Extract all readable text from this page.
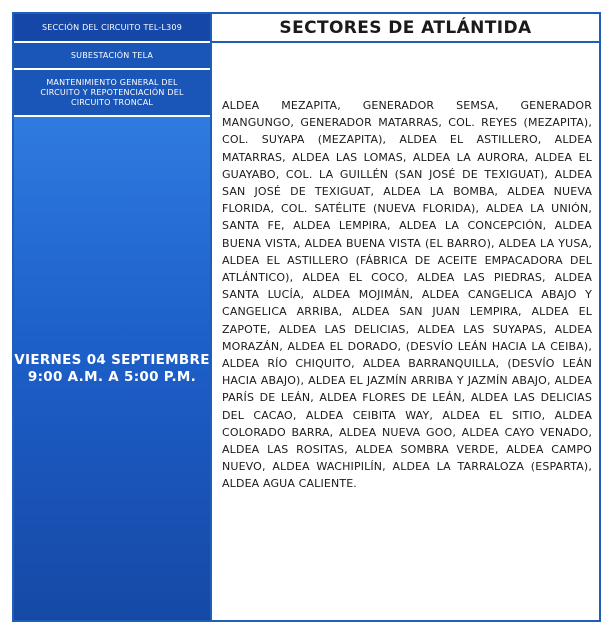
SECCIÓN DEL CIRCUITO TEL-L309
SUBESTACIÓN TELA
MANTENIMIENTO GENERAL DEL CIRCUITO Y REPOTENCIACIÓN DEL CIRCUITO TRONCAL
VIERNES 04 SEPTIEMBRE
9:00 A.M. A 5:00 P.M.
SECTORES DE ATLÁNTIDA
ALDEA MEZAPITA, GENERADOR SEMSA, GENERADOR MANGUNGO, GENERADOR MATARRAS, COL. REYES (MEZAPITA), COL. SUYAPA (MEZAPITA), ALDEA EL ASTILLERO, ALDEA MATARRAS, ALDEA LAS LOMAS, ALDEA LA AURORA, ALDEA EL GUAYABO, COL. LA GUILLÉN (SAN JOSÉ DE TEXIGUAT), ALDEA SAN JOSÉ DE TEXIGUAT, ALDEA LA BOMBA, ALDEA NUEVA FLORIDA, COL. SATÉLITE (NUEVA FLORIDA), ALDEA LA UNIÓN, SANTA FE, ALDEA LEMPIRA, ALDEA LA CONCEPCIÓN, ALDEA BUENA VISTA, ALDEA BUENA VISTA (EL BARRO), ALDEA LA YUSA, ALDEA EL ASTILLERO (FÁBRICA DE ACEITE EMPACADORA DEL ATLÁNTICO), ALDEA EL COCO, ALDEA LAS PIEDRAS, ALDEA SANTA LUCÍA, ALDEA MOJIMÁN, ALDEA CANGELICA ABAJO Y CANGELICA ARRIBA, ALDEA SAN JUAN LEMPIRA, ALDEA EL ZAPOTE, ALDEA LAS DELICIAS, ALDEA LAS SUYAPAS, ALDEA MORAZÁN, ALDEA EL DORADO, (DESVÍO LEÁN HACIA LA CEIBA), ALDEA RÍO CHIQUITO, ALDEA BARRANQUILLA, (DESVÍO LEÁN HACIA ABAJO), ALDEA EL JAZMÍN ARRIBA Y JAZMÍN ABAJO, ALDEA PARÍS DE LEÁN, ALDEA FLORES DE LEÁN, ALDEA LAS DELICIAS DEL CACAO, ALDEA CEIBITA WAY, ALDEA EL SITIO, ALDEA COLORADO BARRA, ALDEA NUEVA GOO, ALDEA CAYO VENADO, ALDEA LAS ROSITAS, ALDEA SOMBRA VERDE, ALDEA CAMPO NUEVO, ALDEA WACHIPILÍN, ALDEA LA TARRALOZA (ESPARTA), ALDEA AGUA CALIENTE.
